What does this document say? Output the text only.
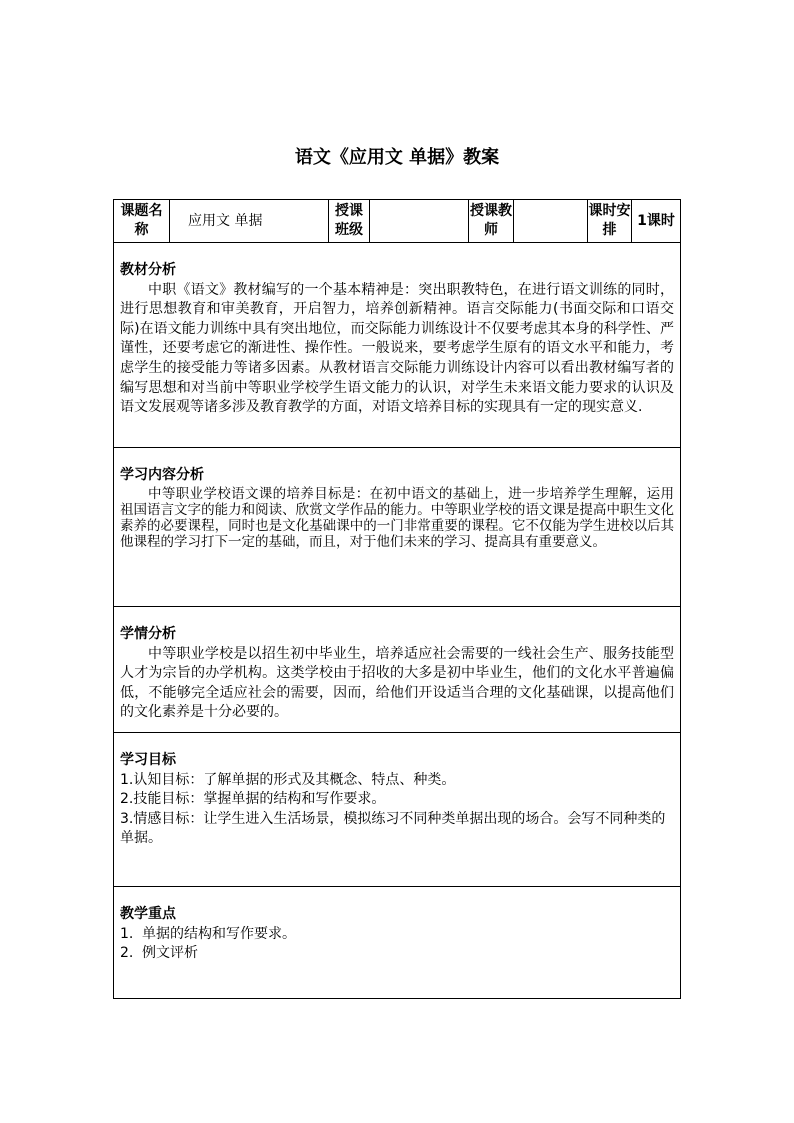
语文《应用文 单据》教案
课题名称	应用文 单据	授课班级		授课教师		课时安排	1课时

教材分析

中职《语文》教材编写的一个基本精神是：突出职教特色，在进行语文训练的同时，进行思想教育和审美教育，开启智力，培养创新精神。语言交际能力(书面交际和口语交际)在语文能力训练中具有突出地位，而交际能力训练设计不仅要考虑其本身的科学性、严谨性，还要考虑它的渐进性、操作性。一般说来，要考虑学生原有的语文水平和能力，考虑学生的接受能力等诸多因素。从教材语言交际能力训练设计内容可以看出教材编写者的编写思想和对当前中等职业学校学生语文能力的认识，对学生未来语文能力要求的认识及语文发展观等诸多涉及教育教学的方面，对语文培养目标的实现具有一定的现实意义.

学习内容分析

中等职业学校语文课的培养目标是：在初中语文的基础上，进一步培养学生理解，运用祖国语言文字的能力和阅读、欣赏文学作品的能力。中等职业学校的语文课是提高中职生文化素养的必要课程，同时也是文化基础课中的一门非常重要的课程。它不仅能为学生进校以后其他课程的学习打下一定的基础，而且，对于他们未来的学习、提高具有重要意义。

学情分析

中等职业学校是以招生初中毕业生，培养适应社会需要的一线社会生产、服务技能型人才为宗旨的办学机构。这类学校由于招收的大多是初中毕业生，他们的文化水平普遍偏低，不能够完全适应社会的需要，因而，给他们开设适当合理的文化基础课，以提高他们的文化素养是十分必要的。

学习目标
1.认知目标：了解单据的形式及其概念、特点、种类。
2.技能目标：掌握单据的结构和写作要求。
3.情感目标：让学生进入生活场景，模拟练习不同种类单据出现的场合。会写不同种类的单据。

教学重点
1. 单据的结构和写作要求。
2. 例文评析
